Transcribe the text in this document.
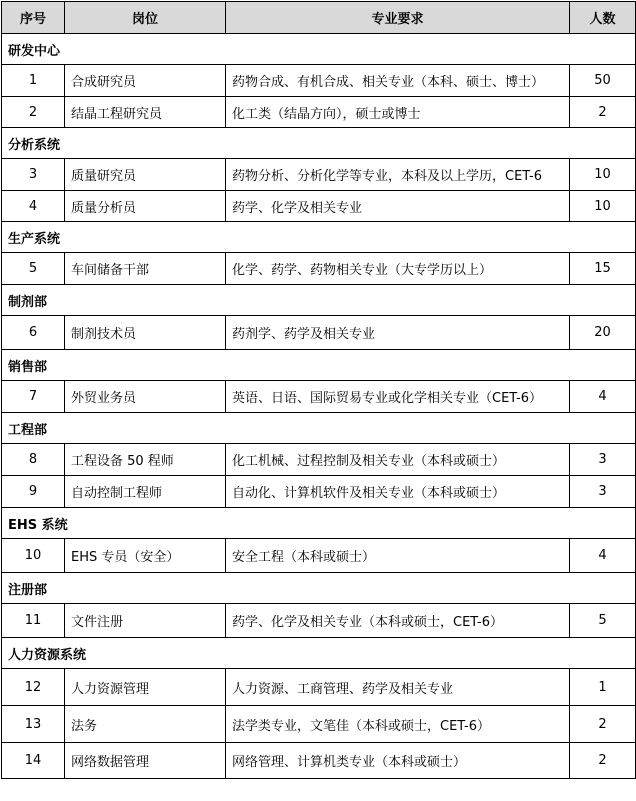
序号	岗位	专业要求	人数
研发中心			
1	合成研究员	药物合成、有机合成、相关专业（本科、硕士、博士）	50
2	结晶工程研究员	化工类（结晶方向），硕士或博士	2
分析系统			
3	质量研究员	药物分析、分析化学等专业，本科及以上学历，CET-6	10
4	质量分析员	药学、化学及相关专业	10
生产系统			
5	车间储备干部	化学、药学、药物相关专业（大专学历以上）	15
制剂部			
6	制剂技术员	药剂学、药学及相关专业	20
销售部			
7	外贸业务员	英语、日语、国际贸易专业或化学相关专业（CET-6）	4
工程部			
8	工程设备 50 程师	化工机械、过程控制及相关专业（本科或硕士）	3
9	自动控制工程师	自动化、计算机软件及相关专业（本科或硕士）	3
EHS 系统			
10	EHS 专员（安全）	安全工程（本科或硕士）	4
注册部			
11	文件注册	药学、化学及相关专业（本科或硕士，CET-6）	5
人力资源系统			
12	人力资源管理	人力资源、工商管理、药学及相关专业	1
13	法务	法学类专业，文笔佳（本科或硕士，CET-6）	2
14	网络数据管理	网络管理、计算机类专业（本科或硕士）	2
